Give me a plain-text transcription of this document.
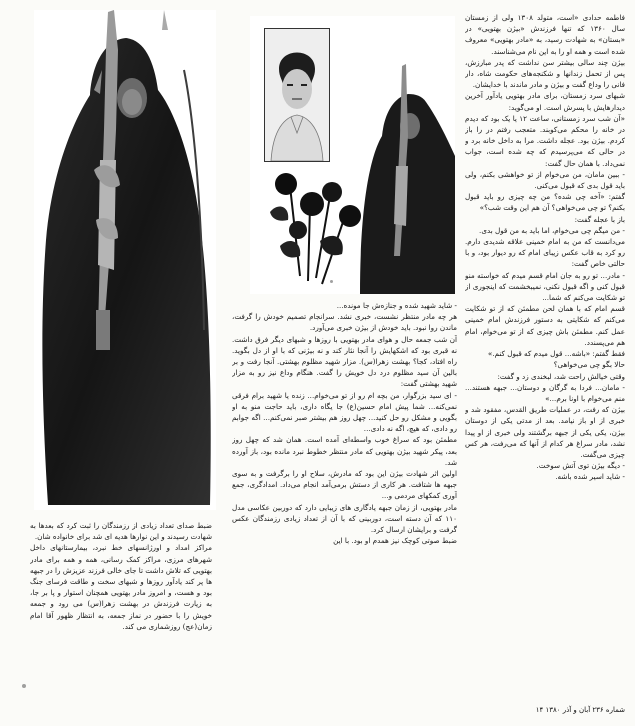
فاطمه حدادی «است، متولد ۱۳۰۸ ولی از زمستان سال ۱۳۶۰ که تنها فرزندش «بیژن بهتویی» در «بستان» به شهادت رسید، به «مادر بهتویی» معروف شده است و همه او را به این نام می‌شناسند.

بیژن چند سالی بیشتر سن نداشت که پدر مبارزش، پس از تحمل زندانها و شکنجه‌های حکومت شاه، دار فانی را وداع گفت و بیژن و مادر ماندند با خدایشان.

شبهای سرد زمستان، برای مادر بهتویی یادآور آخرین دیدارهایش با پسرش است. او می‌گوید:

«آن شب سرد زمستانی، ساعت ۱۲ یا یک بود که دیدم در خانه را محکم می‌کوبند. متعجب رفتم در را باز کردم. بیژن بود. عجله داشت. مرا به داخل خانه برد و در حالی که می‌پرسیدم که چه شده است، جواب نمی‌داد. با همان حال گفت:

- ببین مامان، من می‌خوام از تو خواهشی بکنم، ولی باید قول بدی که قبول می‌کنی.

گفتم: «آخه چی شده؟ من چه چیزی رو باید قبول بکنم؟ تو چی می‌خواهی؟ آن هم این وقت شب؟»

باز با عجله گفت:

- من میگم چی می‌خوام، اما باید به من قول بدی.

می‌دانست که من به امام خمینی علاقه شدیدی دارم. رو کرد به قاب عکس زیبای امام که رو دیوار بود، و با حالتی خاص گفت:

- مادر... تو رو به جان امام قسم میدم که خواسته منو قبول کنی و اگه قبول نکنی، نمیبخشمت که اینجوری از تو شکایت می‌کنم که شما...

قسم امام که با همان لحن مطمئن که از تو شکایت می‌کنم که شکایتی به دستور فرزندش امام خمینی عمل کنم. مطمئن باش چیزی که از تو می‌خوام، امام هم می‌پسندد.

فقط گفتم: «باشه... قول میدم که قبول کنم.»

حالا بگو چی می‌خواهی؟

وقتی خیالش راحت شد، لبخندی زد و گفت:

- مامان... فردا به گرگان و دوستان... جبهه هستند... منم می‌خوام با اونا برم...»

بیژن که رفت، در عملیات طریق القدس، مفقود شد و خبری از او باز نیامد. بعد از مدتی یکی از دوستان بیژن، یکی یکی از جبهه برگشتند ولی خبری از او پیدا نشد، مادر سراغ هر کدام از آنها که می‌رفت، هر کس چیزی می‌گفت.

- دیگه بیژن توی آتش سوخت.

- شاید اسیر شده باشه.

- شاید شهید شده و جنازه‌ش جا مونده...

هر چه مادر منتظر نشست، خبری نشد. سرانجام تصمیم خودش را گرفت، ماندن روا نبود. باید خودش از بیژن خبری می‌آورد.

آن شب جمعه حال و هوای مادر بهتویی با روزها و شبهای دیگر فرق داشت. نه قبری بود که اشکهایش را آنجا نثار کند و نه بیژنی که با او از دل بگوید. راه افتاد، کجا؟ بهشت زهرا(س). مزار شهید مظلوم بهشتی. آنجا رفت و بر بالین آن سید مظلوم درد دل خویش را گفت. هنگام وداع نیز رو به مزار شهید بهشتی گفت:

- ای سید بزرگوار، من بچه ام رو از تو می‌خوام... زنده یا شهید برام فرقی نمی‌کنه... شما پیش امام حسین(ع) جا یگاه داری، باید حاجت منو به او بگویی و مشکل رو حل کنید... چهل روز هم بیشتر صبر نمی‌کنم... اگه جوابم رو دادی، که هیچ، اگه نه دادی...

مطمئن بود که سراغ خوب واسطه‌ای آمده است. همان شد که چهل روز بعد، پیکر شهید بیژن بهتویی که مادر منتظر خطوط نبرد مانده بود، باز آورده شد.

اولین اثر شهادت بیژن این بود که مادرش، سلاح او را برگرفت و به سوی جبهه ها شتافت. هر کاری از دستش برمی‌آمد انجام می‌داد. امدادگری، جمع آوری کمکهای مردمی و...

مادر بهتویی، از زمان جبهه یادگاری های زیبایی دارد که دوربین عکاسی مدل ۱۱۰ که آن دسته است، دوربینی که با آن از تعداد زیادی رزمندگان عکس گرفت و برایشان ارسال کرد.

ضبط صوتی کوچک نیز همدم او بود. با این

ضبط صدای تعداد زیادی از رزمندگان را ثبت کرد که بعدها به شهادت رسیدند و این نوارها هدیه ای شد برای خانواده شان.

مراکز امداد و اورژانسهای خط نبرد، بیمارستانهای داخل شهرهای مرزی، مراکز کمک رسانی، همه و همه برای مادر بهتویی که تلاش داشت تا جای خالی فرزند عزیزش را در جبهه ها پر کند یادآور روزها و شبهای سخت و طاقت فرسای جنگ بود و هست، و امروز مادر بهتویی همچنان استوار و پا بر جا، به زیارت فرزندش در بهشت زهرا(س) می رود و جمعه خویش را با حضور در نماز جمعه، به انتظار ظهور آقا امام زمان(عج) روزشماری می کند.

شماره ۲۳۶ آبان و آذر ۱۳۸۰ ۱۴
